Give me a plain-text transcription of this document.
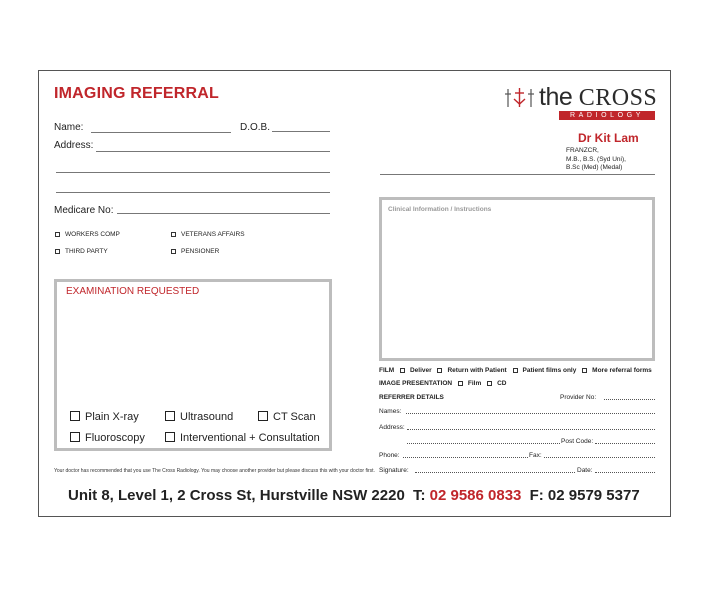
IMAGING REFERRAL
Name:	D.O.B.
Address:
Medicare No:
WORKERS COMP	VETERANS AFFAIRS
THIRD PARTY	PENSIONER
EXAMINATION REQUESTED
Plain X-ray	Ultrasound	CT Scan
Fluoroscopy	Interventional + Consultation
the CROSS
RADIOLOGY
Dr Kit Lam
FRANZCR,
M.B., B.S. (Syd Uni),
B.Sc (Med) (Medal)
Clinical Information / Instructions
FILM Deliver Return with Patient Patient films only More referral forms
IMAGE PRESENTATION Film CD
REFERRER DETAILS	Provider No:
Names:
Address:
Post Code:
Phone:	Fax:
Signature:	Date:
Your doctor has recommended that you use The Cross Radiology. You may choose another provider but please discuss this with your doctor first.
Unit 8, Level 1, 2 Cross St, Hurstville NSW 2220 T: 02 9586 0833 F: 02 9579 5377
